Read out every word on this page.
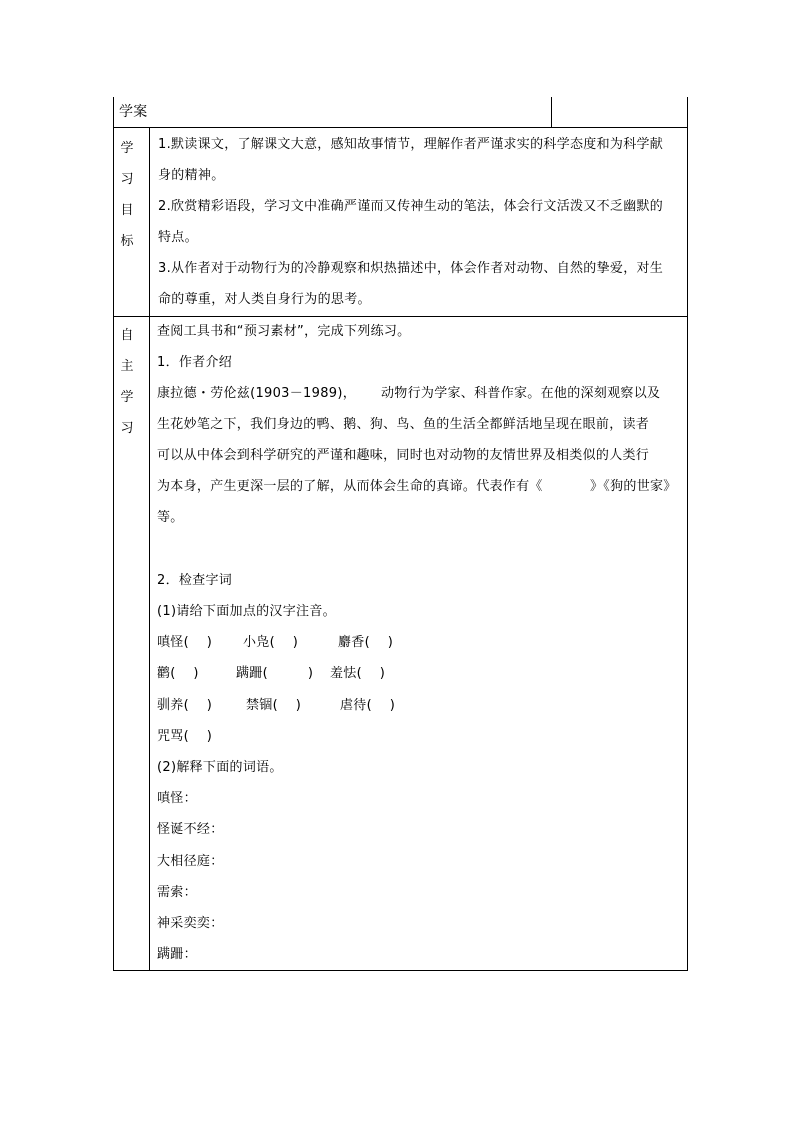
学案
学
习
目
标
1.默读课文，了解课文大意，感知故事情节，理解作者严谨求实的科学态度和为科学献
身的精神。
2.欣赏精彩语段，学习文中准确严谨而又传神生动的笔法，体会行文活泼又不乏幽默的
特点。
3.从作者对于动物行为的冷静观察和炽热描述中，体会作者对动物、自然的挚爱，对生
命的尊重，对人类自身行为的思考。
自
主
学
习
查阅工具书和“预习素材”，完成下列练习。
1．作者介绍
康拉德・劳伦兹(1903－1989)， 动物行为学家、科普作家。在他的深刻观察以及
生花妙笔之下，我们身边的鸭、鹅、狗、鸟、鱼的生活全都鲜活地呈现在眼前，读者
可以从中体会到科学研究的严谨和趣味，同时也对动物的友情世界及相类似的人类行
为本身，产生更深一层的了解，从而体会生命的真谛。代表作有《	》《狗的世家》
等。
2．检查字词
(1)请给下面加点的汉字注音。
嗔怪(　 ) 小凫(　 )	麝香(　 )
鹳(　 )	蹒跚(　　　) 羞怯(　 )
驯养(　 )	禁锢(　 )	虐待(　 )
咒骂(　 )
(2)解释下面的词语。
嗔怪：
怪诞不经：
大相径庭：
需索：
神采奕奕：
蹒跚：
